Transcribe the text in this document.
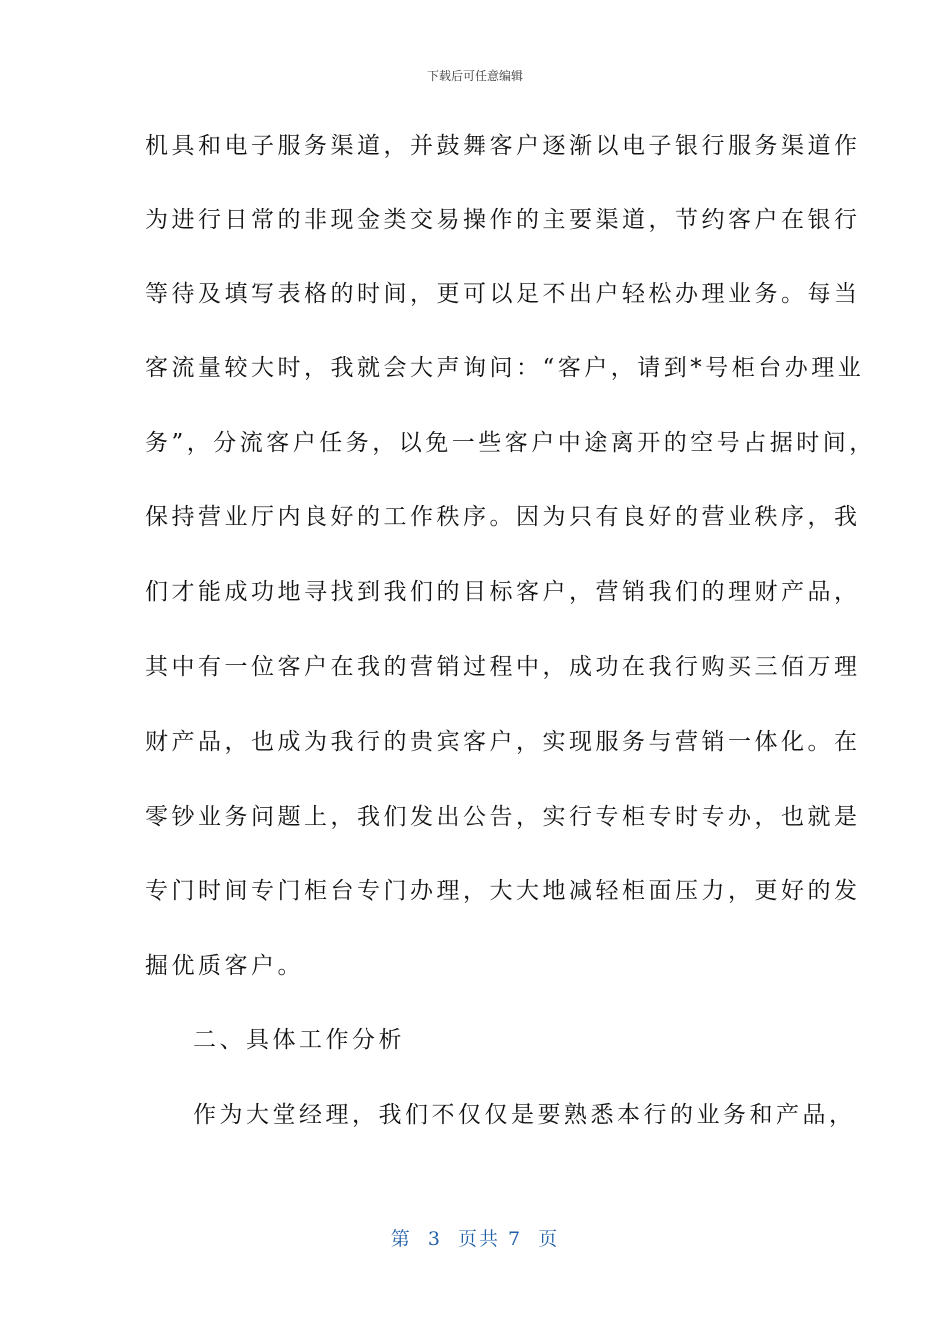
下载后可任意编辑
机具和电子服务渠道，并鼓舞客户逐渐以电子银行服务渠道作
为进行日常的非现金类交易操作的主要渠道，节约客户在银行
等待及填写表格的时间，更可以足不出户轻松办理业务。每当
客流量较大时，我就会大声询问：“客户，请到*号柜台办理业
务”，分流客户任务，以免一些客户中途离开的空号占据时间，
保持营业厅内良好的工作秩序。因为只有良好的营业秩序，我
们才能成功地寻找到我们的目标客户，营销我们的理财产品，
其中有一位客户在我的营销过程中，成功在我行购买三佰万理
财产品，也成为我行的贵宾客户，实现服务与营销一体化。在
零钞业务问题上，我们发出公告，实行专柜专时专办，也就是
专门时间专门柜台专门办理，大大地减轻柜面压力，更好的发
掘优质客户。
二、具体工作分析
作为大堂经理，我们不仅仅是要熟悉本行的业务和产品，
第  3  页共 7  页
